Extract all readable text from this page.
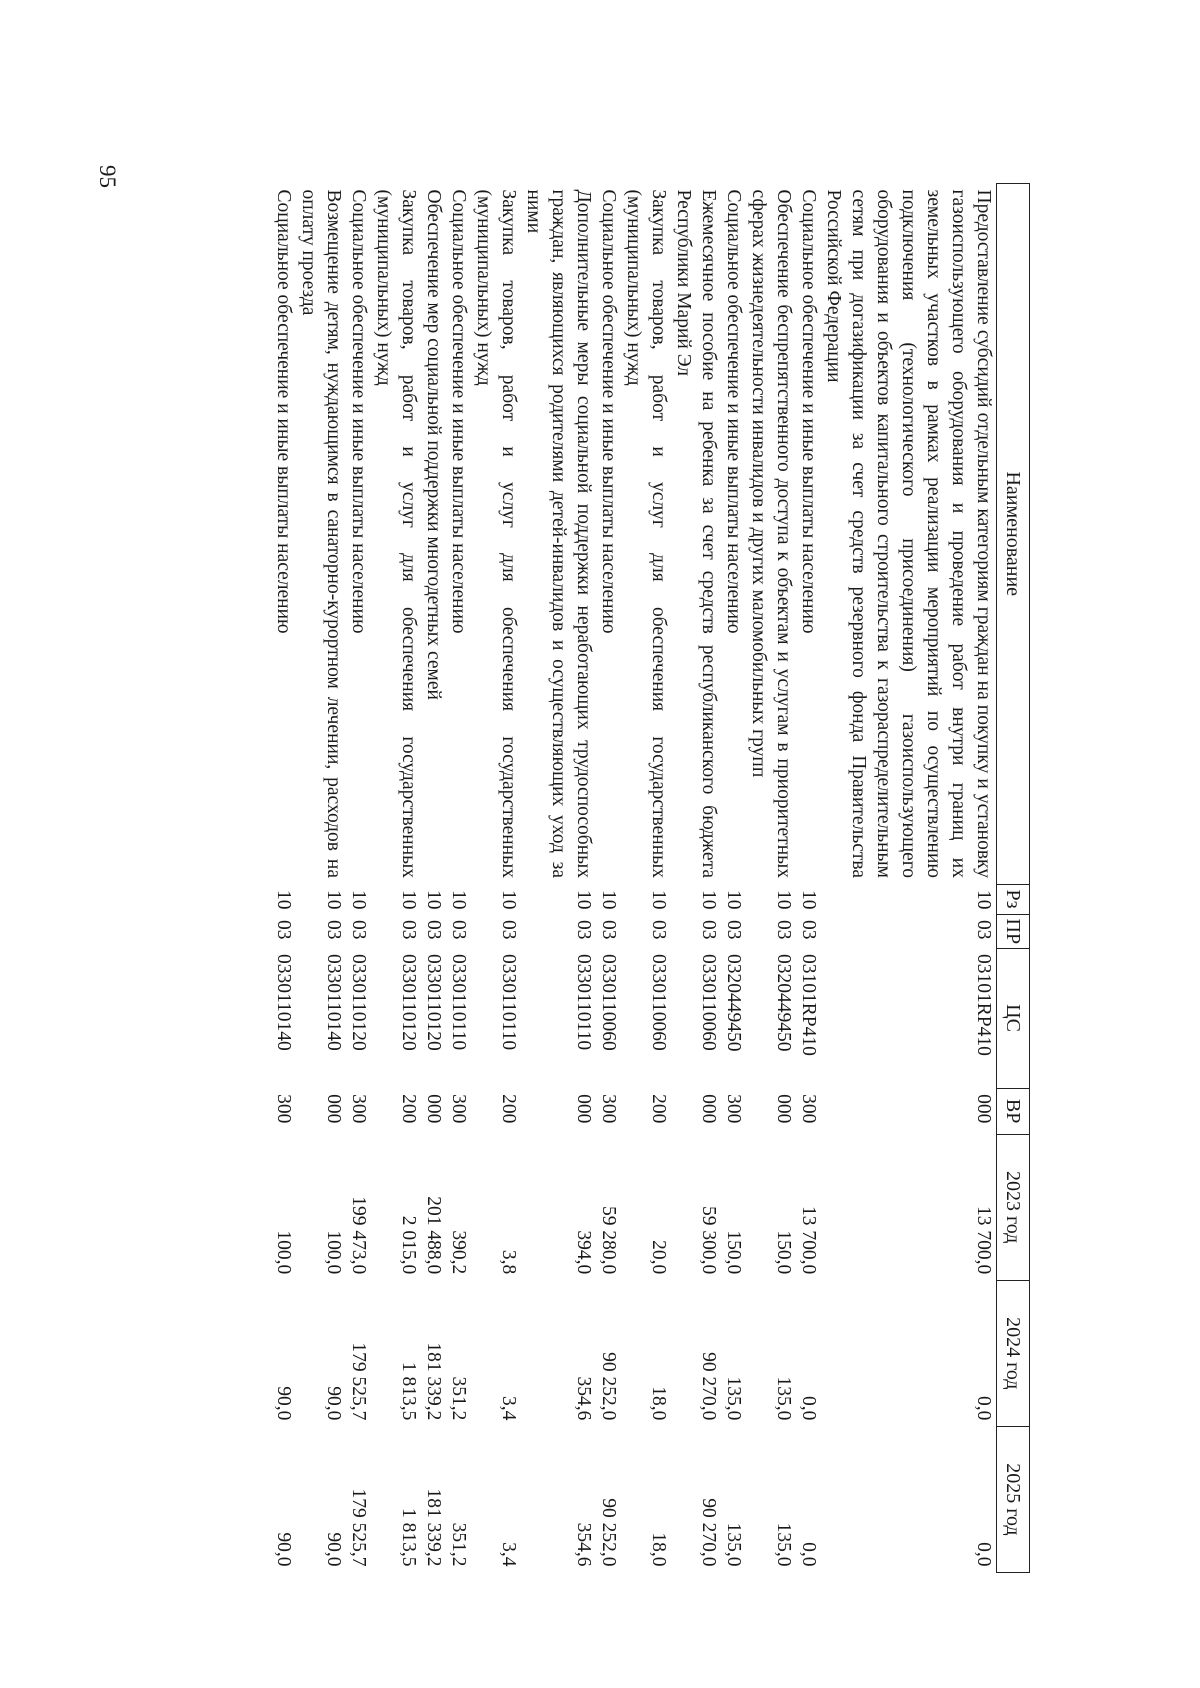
95
Наименование	Рз	ПР	ЦС	ВР	2023 год	2024 год	2025 год
Предоставление субсидий отдельным категориям граждан на покупку и установку газоиспользующего оборудования и проведение работ внутри границ их земельных участков в рамках реализации мероприятий по осуществлению подключения (технологического присоединения) газоиспользующего оборудования и объектов капитального строительства к газораспределительным сетям при догазификации за счет средств резервного фонда Правительства Российской Федерации	10	03	03101RP410	000	13 700,0	0,0	0,0
Социальное обеспечение и иные выплаты населению	10	03	03101RP410	300	13 700,0	0,0	0,0
Обеспечение беспрепятственного доступа к объектам и услугам в приоритетных сферах жизнедеятельности инвалидов и других маломобильных групп	10	03	0320449450	000	150,0	135,0	135,0
Социальное обеспечение и иные выплаты населению	10	03	0320449450	300	150,0	135,0	135,0
Ежемесячное пособие на ребенка за счет средств республиканского бюджета Республики Марий Эл	10	03	0330110060	000	59 300,0	90 270,0	90 270,0
Закупка товаров, работ и услуг для обеспечения государственных (муниципальных) нужд	10	03	0330110060	200	20,0	18,0	18,0
Социальное обеспечение и иные выплаты населению	10	03	0330110060	300	59 280,0	90 252,0	90 252,0
Дополнительные меры социальной поддержки неработающих трудоспособных граждан, являющихся родителями детей-инвалидов и осуществляющих уход за ними	10	03	0330110110	000	394,0	354,6	354,6
Закупка товаров, работ и услуг для обеспечения государственных (муниципальных) нужд	10	03	0330110110	200	3,8	3,4	3,4
Социальное обеспечение и иные выплаты населению	10	03	0330110110	300	390,2	351,2	351,2
Обеспечение мер социальной поддержки многодетных семей	10	03	0330110120	000	201 488,0	181 339,2	181 339,2
Закупка товаров, работ и услуг для обеспечения государственных (муниципальных) нужд	10	03	0330110120	200	2 015,0	1 813,5	1 813,5
Социальное обеспечение и иные выплаты населению	10	03	0330110120	300	199 473,0	179 525,7	179 525,7
Возмещение детям, нуждающимся в санаторно-курортном лечении, расходов на оплату проезда	10	03	0330110140	000	100,0	90,0	90,0
Социальное обеспечение и иные выплаты населению	10	03	0330110140	300	100,0	90,0	90,0
